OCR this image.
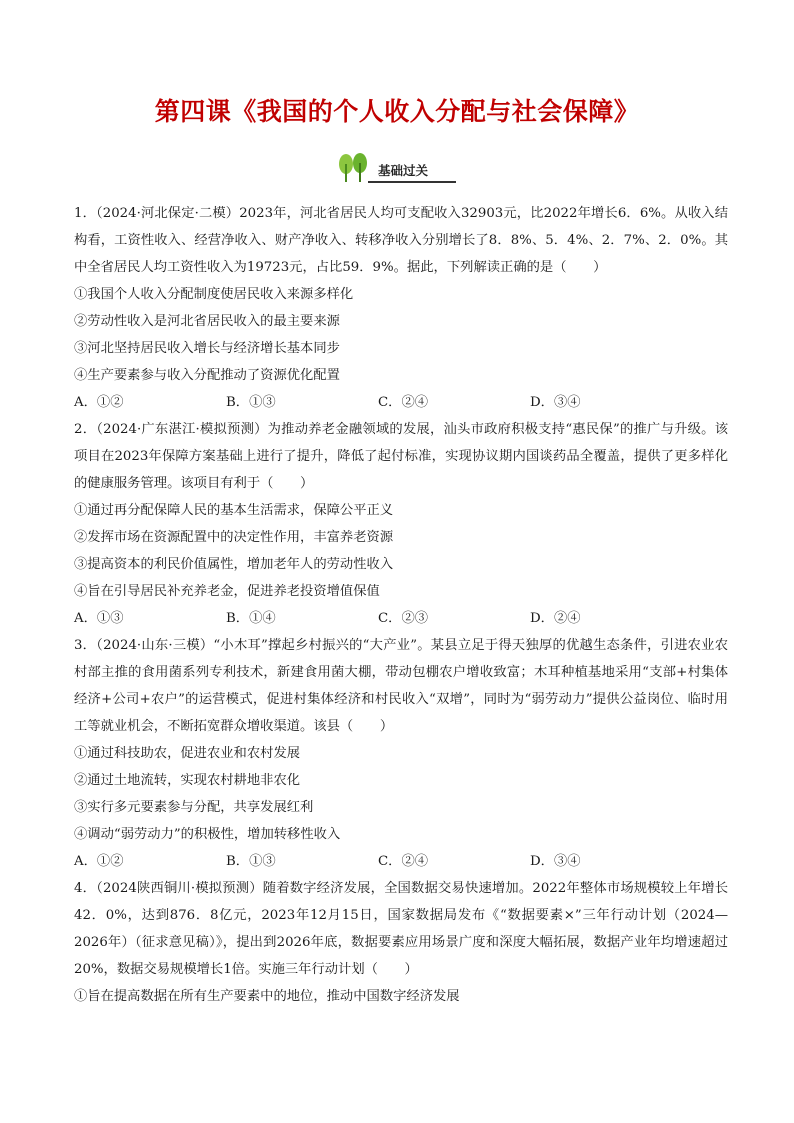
第四课《我国的个人收入分配与社会保障》
基础过关

1．（2024·河北保定·二模）2023年，河北省居民人均可支配收入32903元，比2022年增长6．6%。从收入结构看，工资性收入、经营净收入、财产净收入、转移净收入分别增长了8．8%、5．4%、2．7%、2．0%。其中全省居民人均工资性收入为19723元，占比59．9%。据此，下列解读正确的是（　　）

①我国个人收入分配制度使居民收入来源多样化

②劳动性收入是河北省居民收入的最主要来源

③河北坚持居民收入增长与经济增长基本同步

④生产要素参与收入分配推动了资源优化配置

A．①②	B．①③	C．②④	D．③④

2．（2024·广东湛江·模拟预测）为推动养老金融领域的发展，汕头市政府积极支持“惠民保”的推广与升级。该项目在2023年保障方案基础上进行了提升，降低了起付标准，实现协议期内国谈药品全覆盖，提供了更多样化的健康服务管理。该项目有利于（　　）

①通过再分配保障人民的基本生活需求，保障公平正义

②发挥市场在资源配置中的决定性作用，丰富养老资源

③提高资本的利民价值属性，增加老年人的劳动性收入

④旨在引导居民补充养老金，促进养老投资增值保值

A．①③	B．①④	C．②③	D．②④

3．（2024·山东·三模）“小木耳”撑起乡村振兴的“大产业”。某县立足于得天独厚的优越生态条件，引进农业农村部主推的食用菌系列专利技术，新建食用菌大棚，带动包棚农户增收致富；木耳种植基地采用“支部+村集体经济+公司+农户”的运营模式，促进村集体经济和村民收入“双增”，同时为“弱劳动力”提供公益岗位、临时用工等就业机会，不断拓宽群众增收渠道。该县（　　）

①通过科技助农，促进农业和农村发展

②通过土地流转，实现农村耕地非农化

③实行多元要素参与分配，共享发展红利

④调动“弱劳动力”的积极性，增加转移性收入

A．①②	B．①③	C．②④	D．③④

4．（2024陕西铜川·模拟预测）随着数字经济发展，全国数据交易快速增加。2022年整体市场规模较上年增长42．0%，达到876．8亿元，2023年12月15日，国家数据局发布《“数据要素×”三年行动计划（2024—2026年）（征求意见稿）》，提出到2026年底，数据要素应用场景广度和深度大幅拓展，数据产业年均增速超过20%，数据交易规模增长1倍。实施三年行动计划（　　）

①旨在提高数据在所有生产要素中的地位，推动中国数字经济发展
